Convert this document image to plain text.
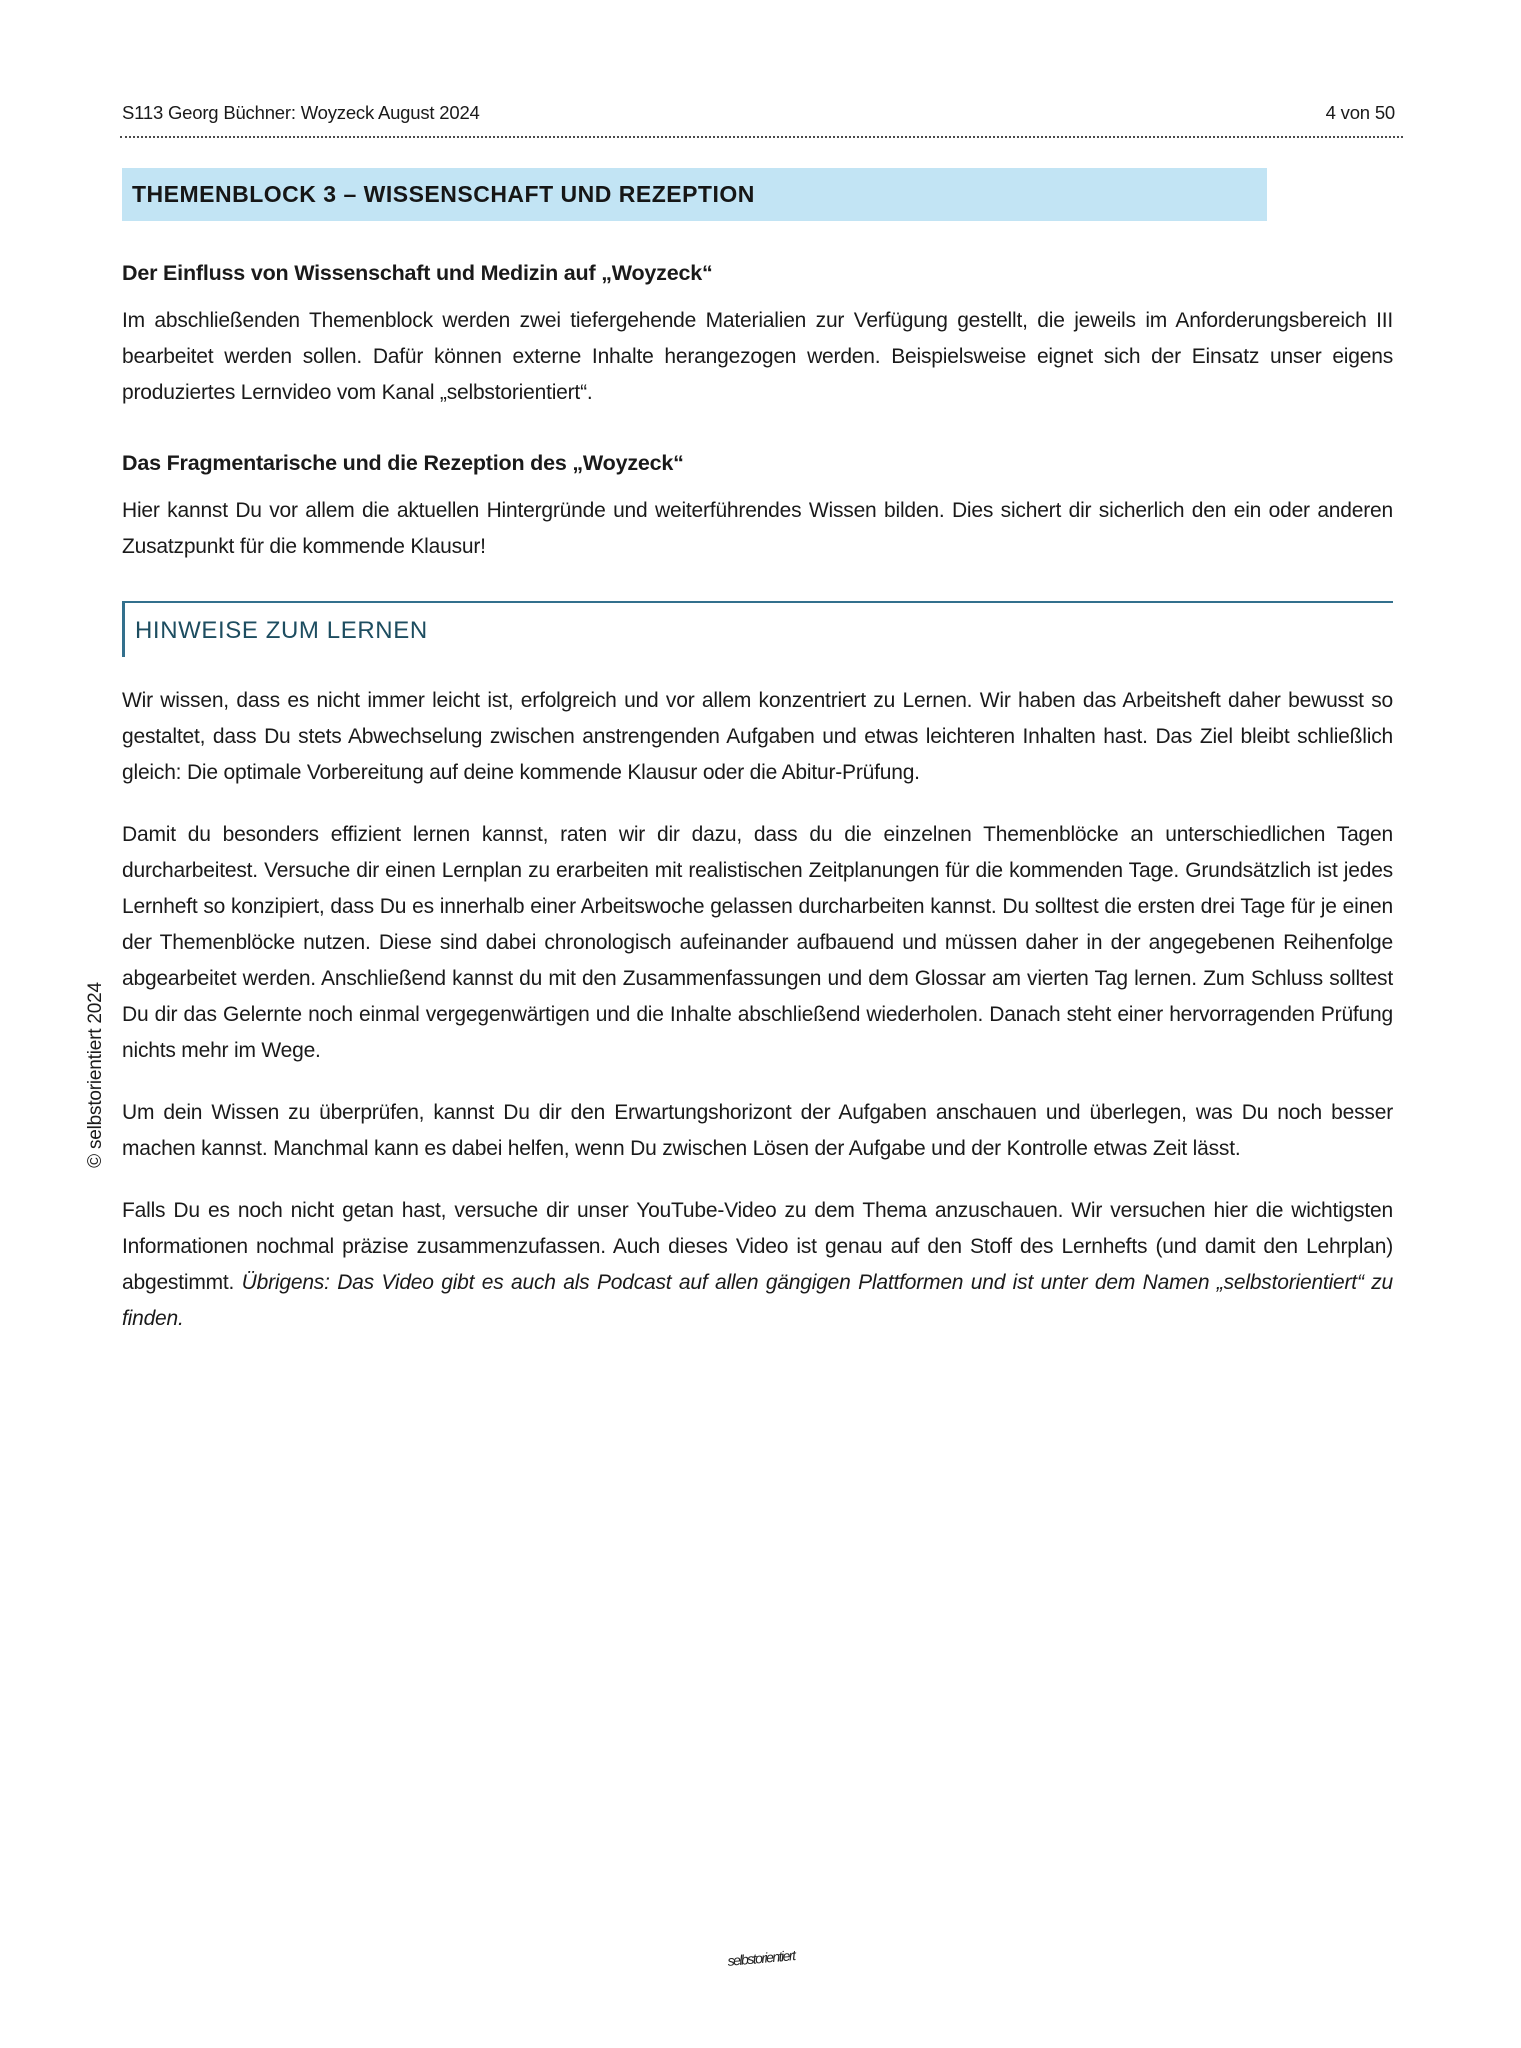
S113 Georg Büchner: Woyzeck August 2024	4 von 50
THEMENBLOCK 3 – WISSENSCHAFT UND REZEPTION
Der Einfluss von Wissenschaft und Medizin auf „Woyzeck“

Im abschließenden Themenblock werden zwei tiefergehende Materialien zur Verfügung gestellt, die jeweils im Anforderungsbereich III bearbeitet werden sollen. Dafür können externe Inhalte herangezogen werden. Beispielsweise eignet sich der Einsatz unser eigens produziertes Lernvideo vom Kanal „selbstorientiert“.

Das Fragmentarische und die Rezeption des „Woyzeck“

Hier kannst Du vor allem die aktuellen Hintergründe und weiterführendes Wissen bilden. Dies sichert dir sicherlich den ein oder anderen Zusatzpunkt für die kommende Klausur!

HINWEISE ZUM LERNEN

Wir wissen, dass es nicht immer leicht ist, erfolgreich und vor allem konzentriert zu Lernen. Wir haben das Arbeitsheft daher bewusst so gestaltet, dass Du stets Abwechselung zwischen anstrengenden Aufgaben und etwas leichteren Inhalten hast. Das Ziel bleibt schließlich gleich: Die optimale Vorbereitung auf deine kommende Klausur oder die Abitur-Prüfung.

Damit du besonders effizient lernen kannst, raten wir dir dazu, dass du die einzelnen Themenblöcke an unterschiedlichen Tagen durcharbeitest. Versuche dir einen Lernplan zu erarbeiten mit realistischen Zeitplanungen für die kommenden Tage. Grundsätzlich ist jedes Lernheft so konzipiert, dass Du es innerhalb einer Arbeitswoche gelassen durcharbeiten kannst. Du solltest die ersten drei Tage für je einen der Themenblöcke nutzen. Diese sind dabei chronologisch aufeinander aufbauend und müssen daher in der angegebenen Reihenfolge abgearbeitet werden. Anschließend kannst du mit den Zusammenfassungen und dem Glossar am vierten Tag lernen. Zum Schluss solltest Du dir das Gelernte noch einmal vergegenwärtigen und die Inhalte abschließend wiederholen. Danach steht einer hervorragenden Prüfung nichts mehr im Wege.

Um dein Wissen zu überprüfen, kannst Du dir den Erwartungshorizont der Aufgaben anschauen und überlegen, was Du noch besser machen kannst. Manchmal kann es dabei helfen, wenn Du zwischen Lösen der Aufgabe und der Kontrolle etwas Zeit lässt.

Falls Du es noch nicht getan hast, versuche dir unser YouTube-Video zu dem Thema anzuschauen. Wir versuchen hier die wichtigsten Informationen nochmal präzise zusammenzufassen. Auch dieses Video ist genau auf den Stoff des Lernhefts (und damit den Lehrplan) abgestimmt. Übrigens: Das Video gibt es auch als Podcast auf allen gängigen Plattformen und ist unter dem Namen „selbstorientiert“ zu finden.

© selbstorientiert 2024
selbstorientiert
